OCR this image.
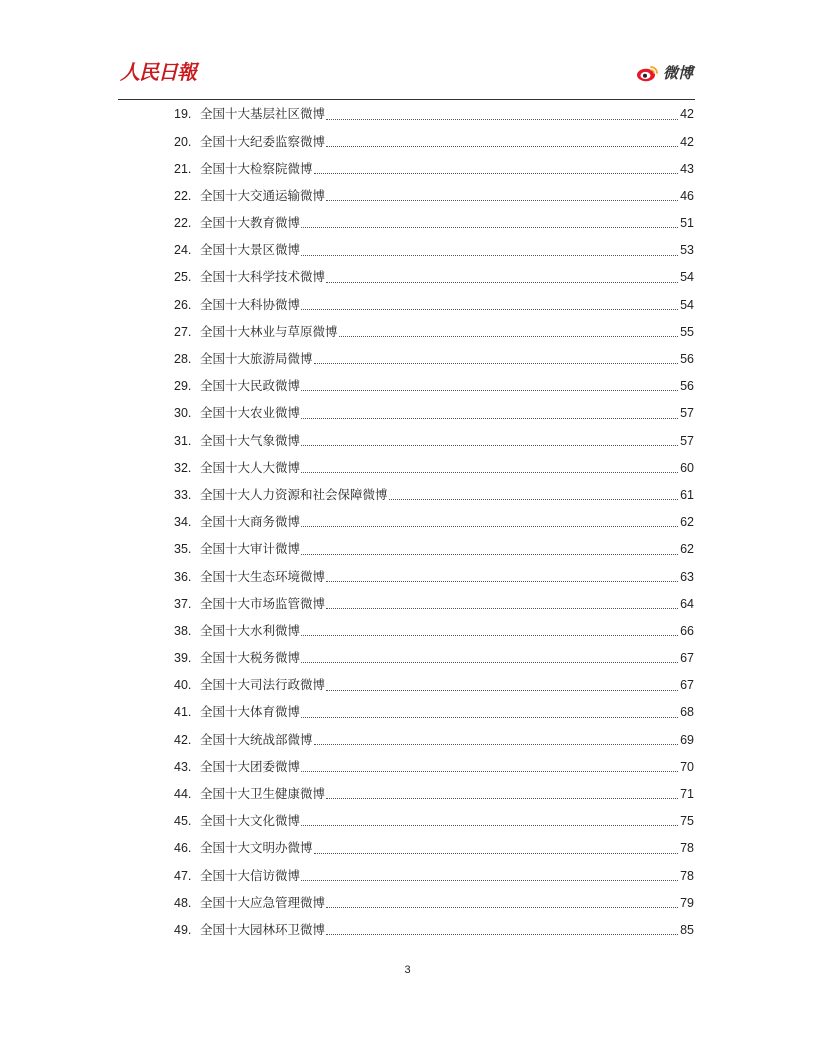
人民日報	微博
19. 全国十大基层社区微博	42
20. 全国十大纪委监察微博	42
21. 全国十大检察院微博	43
22. 全国十大交通运输微博	46
22. 全国十大教育微博	51
24. 全国十大景区微博	53
25. 全国十大科学技术微博	54
26. 全国十大科协微博	54
27. 全国十大林业与草原微博	55
28. 全国十大旅游局微博	56
29. 全国十大民政微博	56
30. 全国十大农业微博	57
31. 全国十大气象微博	57
32. 全国十大人大微博	60
33. 全国十大人力资源和社会保障微博	61
34. 全国十大商务微博	62
35. 全国十大审计微博	62
36. 全国十大生态环境微博	63
37. 全国十大市场监管微博	64
38. 全国十大水利微博	66
39. 全国十大税务微博	67
40. 全国十大司法行政微博	67
41. 全国十大体育微博	68
42. 全国十大统战部微博	69
43. 全国十大团委微博	70
44. 全国十大卫生健康微博	71
45. 全国十大文化微博	75
46. 全国十大文明办微博	78
47. 全国十大信访微博	78
48. 全国十大应急管理微博	79
49. 全国十大园林环卫微博	85
3
